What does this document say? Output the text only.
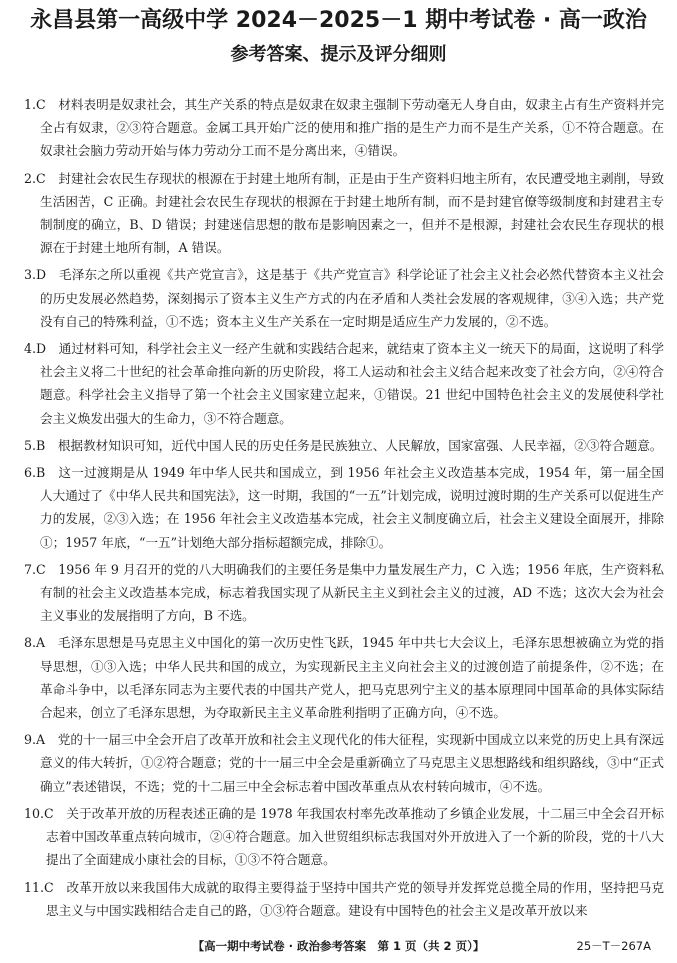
永昌县第一高级中学 2024－2025－1 期中考试卷 · 高一政治
参考答案、提示及评分细则
1.C　 材料表明是奴隶社会，其生产关系的特点是奴隶在奴隶主强制下劳动毫无人身自由，奴隶主占有生产资料并完全占有奴隶，②③符合题意。金属工具开始广泛的使用和推广指的是生产力而不是生产关系，①不符合题意。在奴隶社会脑力劳动开始与体力劳动分工而不是分离出来，④错误。
2.C　 封建社会农民生存现状的根源在于封建土地所有制，正是由于生产资料归地主所有，农民遭受地主剥削，导致生活困苦，C 正确。封建社会农民生存现状的根源在于封建土地所有制，而不是封建官僚等级制度和封建君主专制制度的确立，B、D 错误；封建迷信思想的散布是影响因素之一，但并不是根源，封建社会农民生存现状的根源在于封建土地所有制，A 错误。
3.D　 毛泽东之所以重视《共产党宣言》，这是基于《共产党宣言》科学论证了社会主义社会必然代替资本主义社会的历史发展必然趋势，深刻揭示了资本主义生产方式的内在矛盾和人类社会发展的客观规律，③④入选；共产党没有自己的特殊利益，①不选；资本主义生产关系在一定时期是适应生产力发展的，②不选。
4.D　 通过材料可知，科学社会主义一经产生就和实践结合起来，就结束了资本主义一统天下的局面，这说明了科学社会主义将二十世纪的社会革命推向新的历史阶段，将工人运动和社会主义结合起来改变了社会方向，②④符合题意。科学社会主义指导了第一个社会主义国家建立起来，①错误。21 世纪中国特色社会主义的发展使科学社会主义焕发出强大的生命力，③不符合题意。
5.B　 根据教材知识可知，近代中国人民的历史任务是民族独立、人民解放，国家富强、人民幸福，②③符合题意。
6.B　 这一过渡期是从 1949 年中华人民共和国成立，到 1956 年社会主义改造基本完成，1954 年，第一届全国人大通过了《中华人民共和国宪法》，这一时期，我国的“一五”计划完成，说明过渡时期的生产关系可以促进生产力的发展，②③入选；在 1956 年社会主义改造基本完成，社会主义制度确立后，社会主义建设全面展开，排除①；1957 年底，“一五”计划绝大部分指标超额完成，排除①。
7.C　 1956 年 9 月召开的党的八大明确我们的主要任务是集中力量发展生产力，C 入选；1956 年底，生产资料私有制的社会主义改造基本完成，标志着我国实现了从新民主主义到社会主义的过渡，AD 不选；这次大会为社会主义事业的发展指明了方向，B 不选。
8.A　 毛泽东思想是马克思主义中国化的第一次历史性飞跃，1945 年中共七大会议上，毛泽东思想被确立为党的指导思想，①③入选；中华人民共和国的成立，为实现新民主主义向社会主义的过渡创造了前提条件，②不选；在革命斗争中，以毛泽东同志为主要代表的中国共产党人，把马克思列宁主义的基本原理同中国革命的具体实际结合起来，创立了毛泽东思想，为夺取新民主主义革命胜利指明了正确方向，④不选。
9.A　 党的十一届三中全会开启了改革开放和社会主义现代化的伟大征程，实现新中国成立以来党的历史上具有深远意义的伟大转折，①②符合题意；党的十一届三中全会是重新确立了马克思主义思想路线和组织路线，③中“正式确立”表述错误，不选；党的十二届三中全会标志着中国改革重点从农村转向城市，④不选。
10.C　 关于改革开放的历程表述正确的是 1978 年我国农村率先改革推动了乡镇企业发展，十二届三中全会召开标志着中国改革重点转向城市，②④符合题意。加入世贸组织标志我国对外开放进入了一个新的阶段，党的十八大提出了全面建成小康社会的目标，①③不符合题意。
11.C　 改革开放以来我国伟大成就的取得主要得益于坚持中国共产党的领导并发挥党总揽全局的作用，坚持把马克思主义与中国实践相结合走自己的路，①③符合题意。建设有中国特色的社会主义是改革开放以来
【高一期中考试卷 · 政治参考答案　第 1 页（共 2 页）】	25－T－267A
